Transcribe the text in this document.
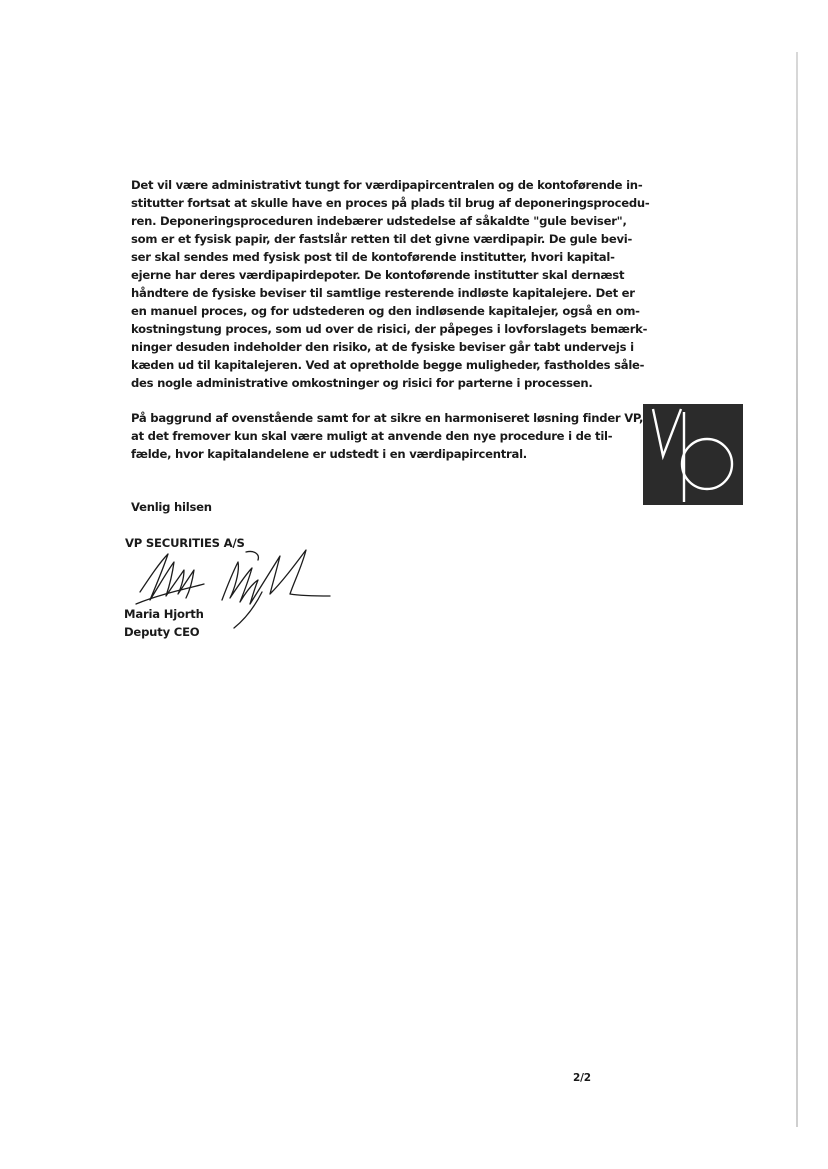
Det vil være administrativt tungt for værdipapircentralen og de kontoførende in-
stitutter fortsat at skulle have en proces på plads til brug af deponeringsprocedu-
ren. Deponeringsproceduren indebærer udstedelse af såkaldte "gule beviser",
som er et fysisk papir, der fastslår retten til det givne værdipapir. De gule bevi-
ser skal sendes med fysisk post til de kontoførende institutter, hvori kapital-
ejerne har deres værdipapirdepoter. De kontoførende institutter skal dernæst
håndtere de fysiske beviser til samtlige resterende indløste kapitalejere. Det er
en manuel proces, og for udstederen og den indløsende kapitalejer, også en om-
kostningstung proces, som ud over de risici, der påpeges i lovforslagets bemærk-
ninger desuden indeholder den risiko, at de fysiske beviser går tabt undervejs i
kæden ud til kapitalejeren. Ved at opretholde begge muligheder, fastholdes såle-
des nogle administrative omkostninger og risici for parterne i processen.

På baggrund af ovenstående samt for at sikre en harmoniseret løsning finder VP,
at det fremover kun skal være muligt at anvende den nye procedure i de til-
fælde, hvor kapitalandelene er udstedt i en værdipapircentral.

Venlig hilsen
VP SECURITIES A/S
Maria Hjorth
Deputy CEO
2/2
